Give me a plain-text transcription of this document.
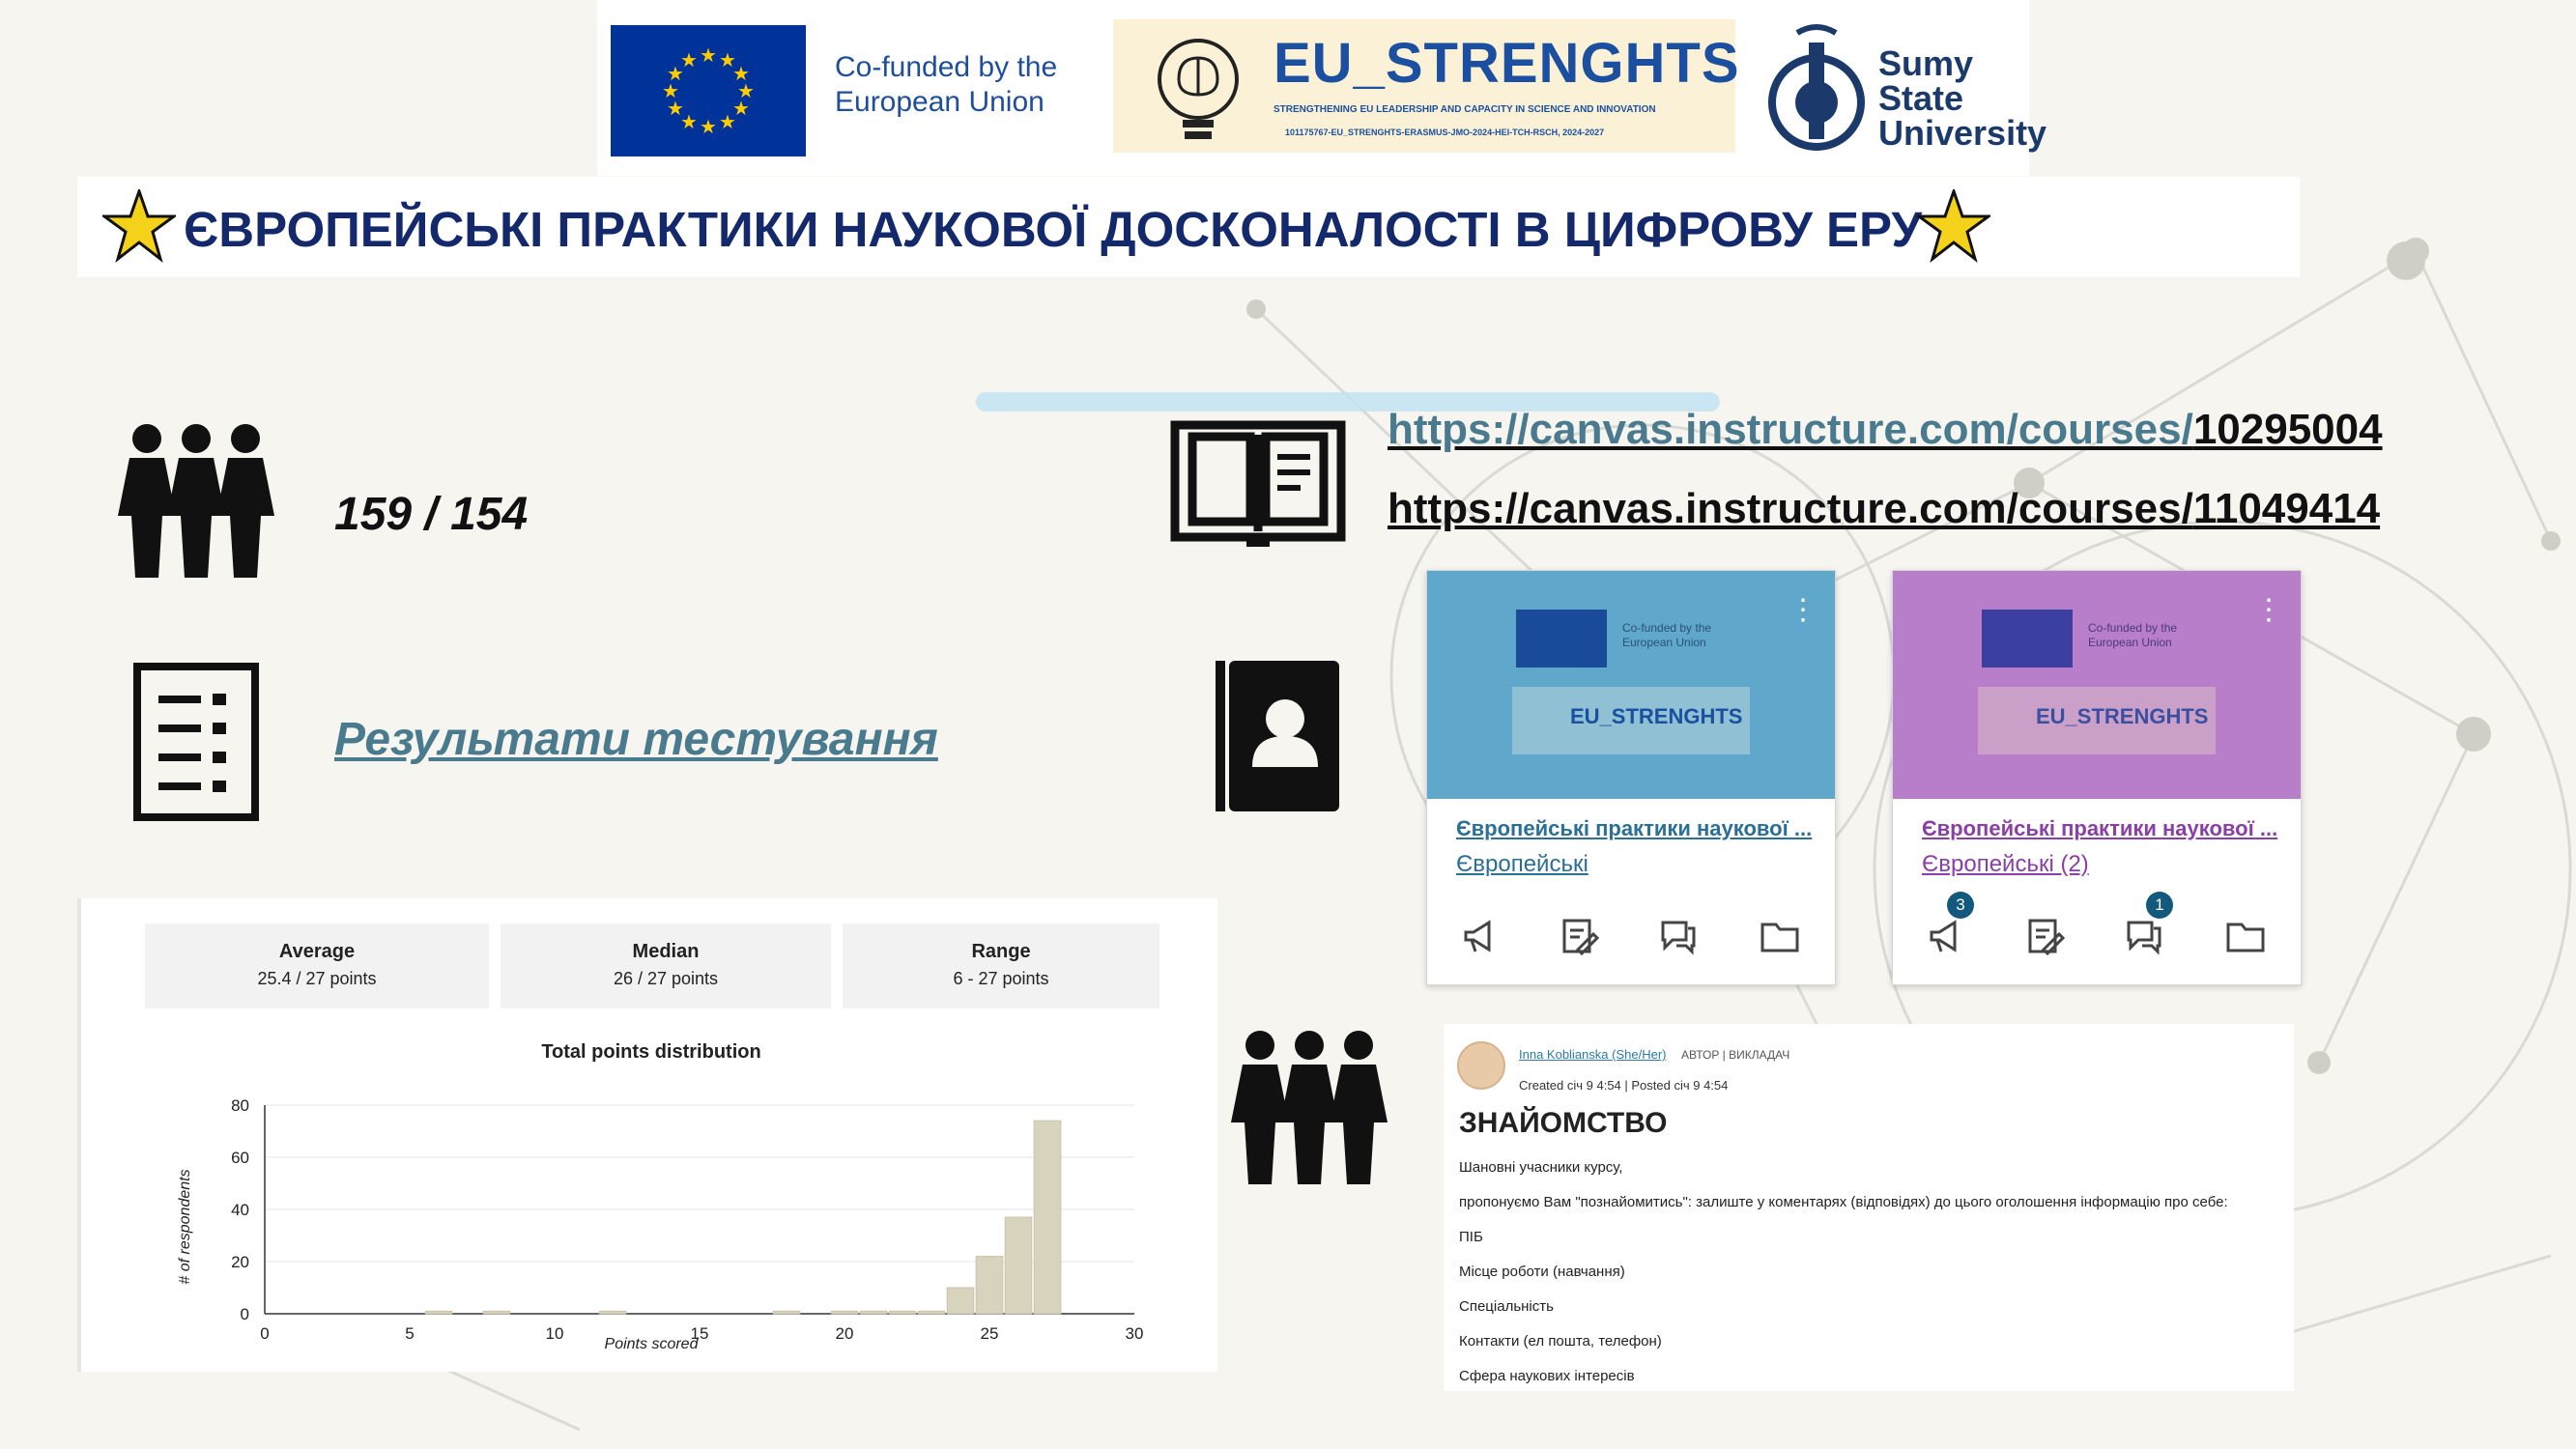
★ ★
★
★
★
★
★
★
★
★
★
★	Co-funded by the
European Union
EU_STRENGHTS
STRENGTHENING EU LEADERSHIP AND CAPACITY IN SCIENCE AND INNOVATION
101175767-EU_STRENGHTS-ERASMUS-JMO-2024-HEI-TCH-RSCH, 2024-2027
Sumy
State
University
ЄВРОПЕЙСЬКІ ПРАКТИКИ НАУКОВОЇ ДОСКОНАЛОСТІ В ЦИФРОВУ ЕРУ
159 / 154
Результати тестування
https://canvas.instructure.com/courses/10295004
https://canvas.instructure.com/courses/11049414
Average
25.4 / 27 points
Median
26 / 27 points
Range
6 - 27 points
Total points distribution
# of respondents
Points scored
0
20
40
60
80
0	5	10	15	20	25	30
Co-funded by the
European Union
EU_STRENGHTS
⋮
Європейські практики наукової ...
Європейські
Co-funded by the
European Union
EU_STRENGHTS
⋮
Європейські практики наукової ...
Європейські (2)
3	1
Inna Koblianska (She/Her) АВТОР | ВИКЛАДАЧ
Created січ 9 4:54 | Posted січ 9 4:54
ЗНАЙОМСТВО
Шановні учасники курсу,
пропонуємо Вам "познайомитись": залиште у коментарях (відповідях) до цього оголошення інформацію про себе:
ПІБ
Місце роботи (навчання)
Спеціальність
Контакти (ел пошта, телефон)
Сфера наукових інтересів
